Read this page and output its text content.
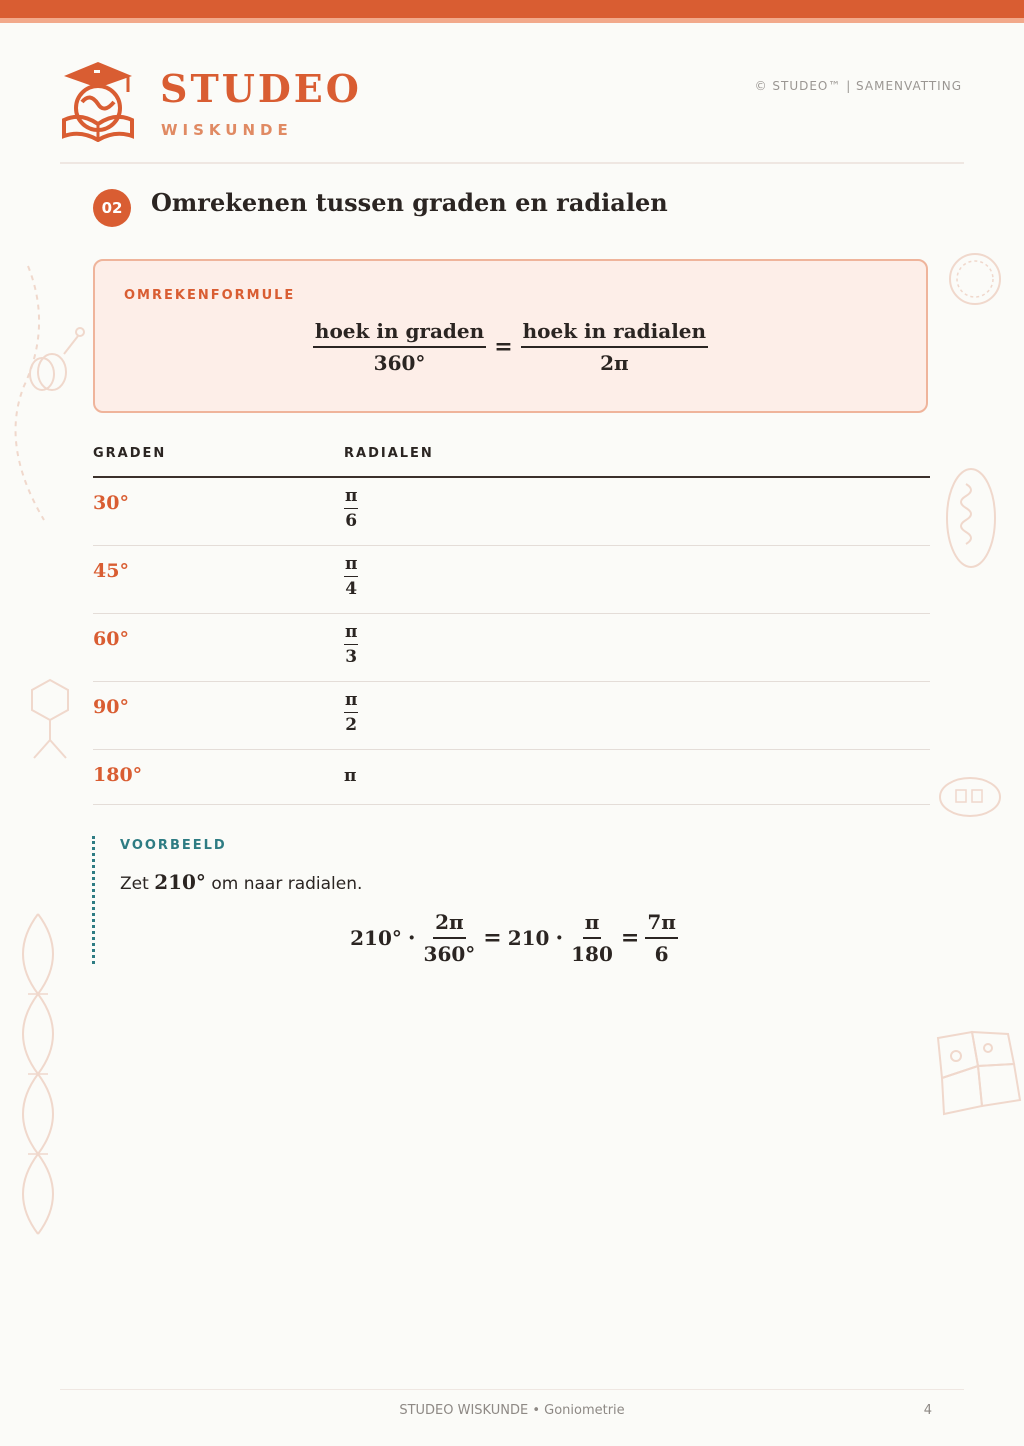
STUDEO
WISKUNDE
© STUDEO™ | SAMENVATTING
02	Omrekenen tussen graden en radialen
OMREKENFORMULE
$\frac{\text{hoek in graden}}{360^\circ} = \frac{\text{hoek in radialen}}{2\pi}$
GRADEN	RADIALEN
30°	$\frac{\pi}{6}$
45°	$\frac{\pi}{4}$
60°	$\frac{\pi}{3}$
90°	$\frac{\pi}{2}$
180°	π
VOORBEELD
Zet 210° om naar radialen.
$210^\circ \cdot \frac{2\pi}{360^\circ} = 210 \cdot \frac{\pi}{180} = \frac{7\pi}{6}$
STUDEO WISKUNDE • Goniometrie	4
